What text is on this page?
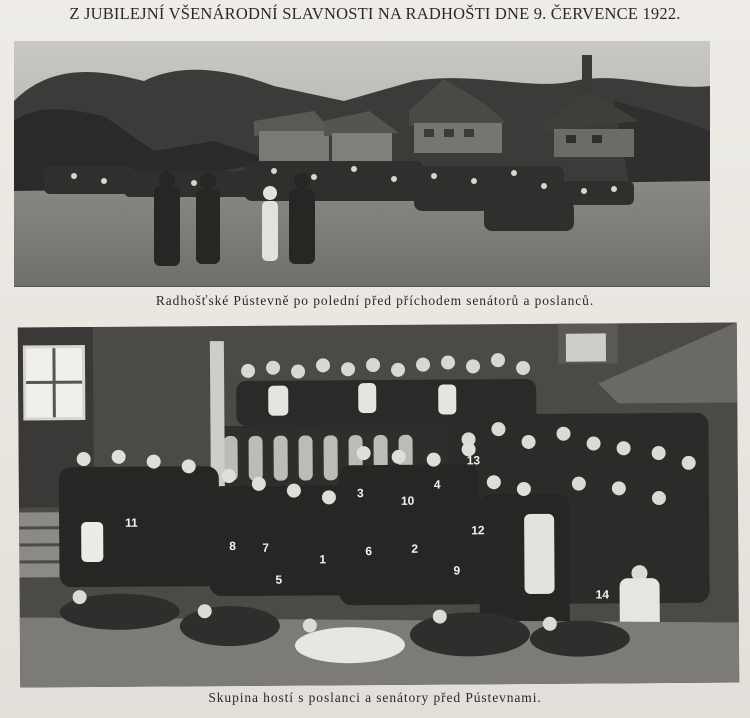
Z JUBILEJNÍ VŠENÁRODNÍ SLAVNOSTI NA RADHOŠTI DNE 9. ČERVENCE 1922.
Radhošťské Pústevně po polední před příchodem senátorů a poslanců.
1
2
3
4
5
6
7
8
9
10
11
12
13
14
Skupina hostí s poslanci a senátory před Pústevnami.
